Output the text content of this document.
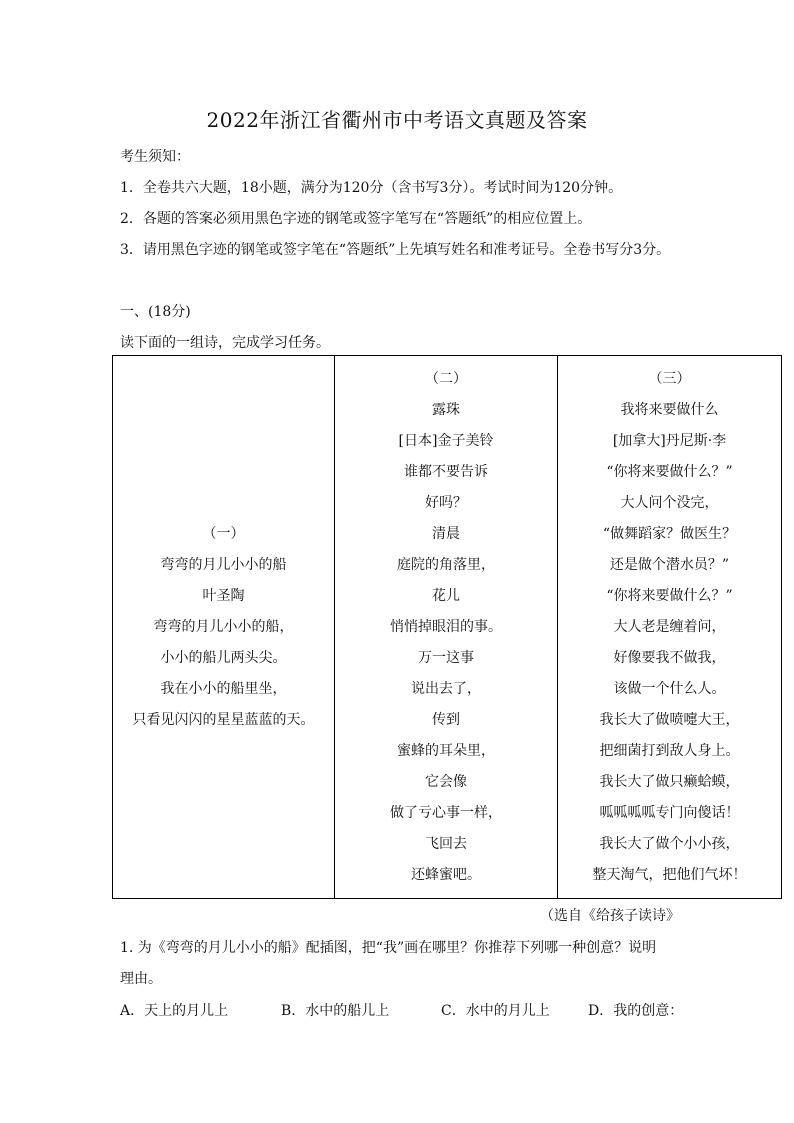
2022年浙江省衢州市中考语文真题及答案
考生须知：
1．全卷共六大题，18小题，满分为120分（含书写3分）。考试时间为120分钟。
2．各题的答案必须用黑色字迹的钢笔或签字笔写在“答题纸”的相应位置上。
3．请用黑色字迹的钢笔或签字笔在“答题纸”上先填写姓名和准考证号。全卷书写分3分。
一、(18分)
读下面的一组诗，完成学习任务。
（一）
弯弯的月儿小小的船
叶圣陶
弯弯的月儿小小的船，
小小的船儿两头尖。
我在小小的船里坐，
只看见闪闪的星星蓝蓝的天。

（二）
露珠
[日本]金子美铃
谁都不要告诉
好吗？
清晨
庭院的角落里，
花儿
悄悄掉眼泪的事。
万一这事
说出去了，
传到
蜜蜂的耳朵里，
它会像
做了亏心事一样，
飞回去
还蜂蜜吧。

（三）
我将来要做什么
[加拿大]丹尼斯·李
“你将来要做什么？”
大人问个没完，
“做舞蹈家？做医生？
还是做个潜水员？”
“你将来要做什么？”
大人老是缠着问，
好像要我不做我，
该做一个什么人。
我长大了做喷嚏大王，
把细菌打到敌人身上。
我长大了做只癞蛤蟆，
呱呱呱呱专门向傻话！
我长大了做个小小孩，
整天淘气，把他们气坏！
（选自《给孩子读诗》
1. 为《弯弯的月儿小小的船》配插图，把“我”画在哪里？你推荐下列哪一种创意？说明
理由。
A．天上的月儿上	B．水中的船儿上	C．水中的月儿上	D．我的创意：
